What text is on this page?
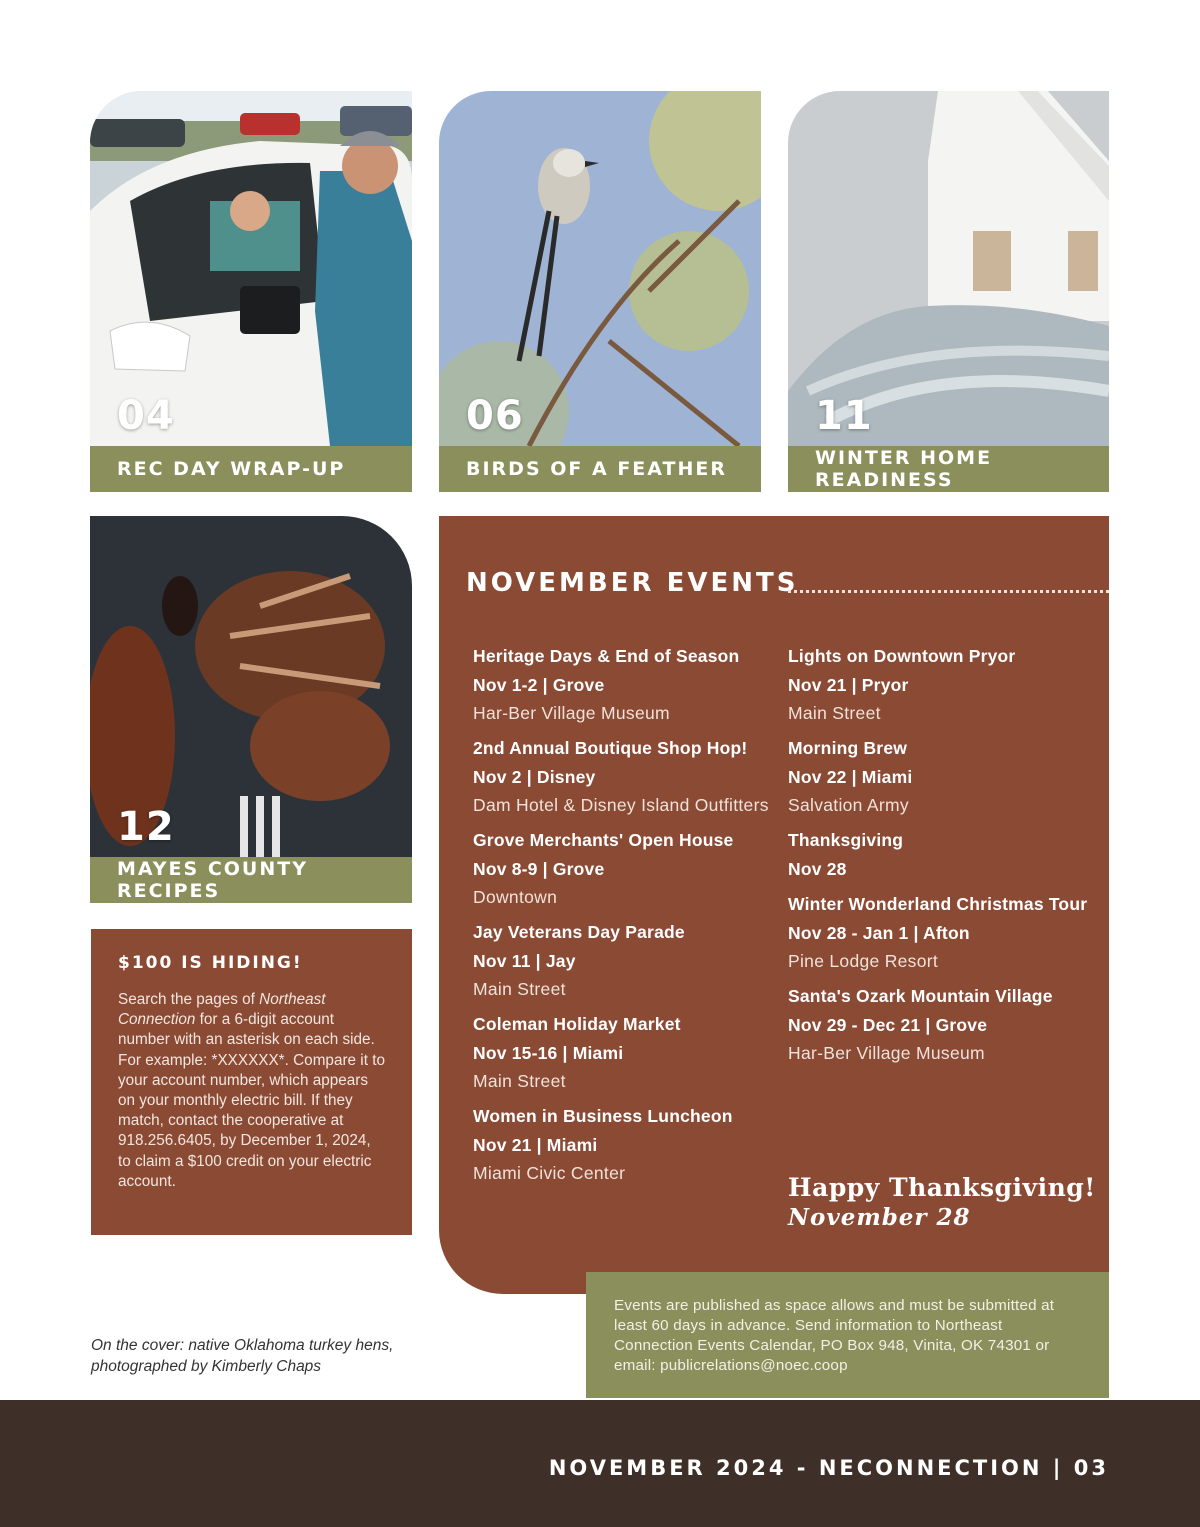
04
REC DAY WRAP-UP
06
BIRDS OF A FEATHER
11
WINTER HOME READINESS
12
MAYES COUNTY RECIPES
$100 IS HIDING!

Search the pages of Northeast Connection for a 6-digit account number with an asterisk on each side. For example: *XXXXXX*. Compare it to your account number, which appears on your monthly electric bill. If they match, contact the cooperative at 918.256.6405, by December 1, 2024, to claim a $100 credit on your electric account.

NOVEMBER EVENTS
Heritage Days & End of Season
Nov 1-2 | Grove
Har-Ber Village Museum
2nd Annual Boutique Shop Hop!
Nov 2 | Disney
Dam Hotel & Disney Island Outfitters
Grove Merchants' Open House
Nov 8-9 | Grove
Downtown
Jay Veterans Day Parade
Nov 11 | Jay
Main Street
Coleman Holiday Market
Nov 15-16 | Miami
Main Street
Women in Business Luncheon
Nov 21 | Miami
Miami Civic Center
Lights on Downtown Pryor
Nov 21 | Pryor
Main Street
Morning Brew
Nov 22 | Miami
Salvation Army
Thanksgiving
Nov 28
Winter Wonderland Christmas Tour
Nov 28 - Jan 1 | Afton
Pine Lodge Resort
Santa's Ozark Mountain Village
Nov 29 - Dec 21 | Grove
Har-Ber Village Museum
Happy Thanksgiving!
November 28
Events are published as space allows and must be submitted at least 60 days in advance. Send information to Northeast Connection Events Calendar, PO Box 948, Vinita, OK 74301 or email: publicrelations@noec.coop
On the cover: native Oklahoma turkey hens, photographed by Kimberly Chaps
NOVEMBER 2024 - NECONNECTION | 03
